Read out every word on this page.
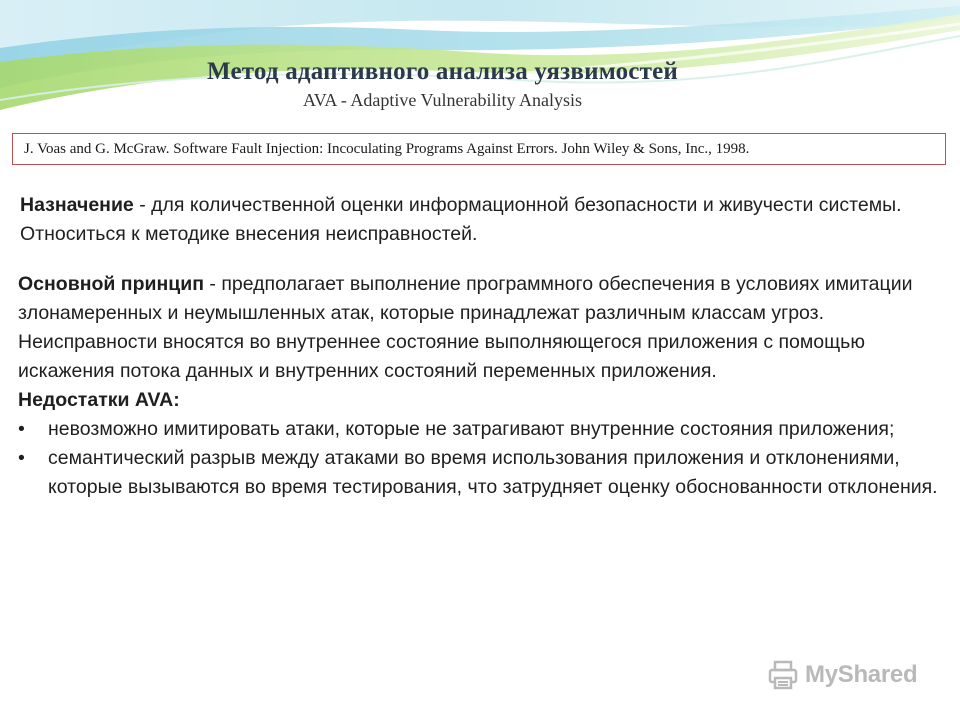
Метод адаптивного анализа уязвимостей
AVA - Adaptive Vulnerability Analysis
J. Voas and G. McGraw. Software Fault Injection: Incoculating Programs Against Errors. John Wiley & Sons, Inc., 1998.
Назначение - для количественной оценки информационной безопасности и живучести системы. Относиться к методике внесения неисправностей.
Основной принцип - предполагает выполнение программного обеспечения в условиях имитации злонамеренных и неумышленных атак, которые принадлежат различным классам угроз. Неисправности вносятся во внутреннее состояние выполняющегося приложения с помощью искажения потока данных и внутренних состояний переменных приложения.
Недостатки AVA:
• невозможно имитировать атаки, которые не затрагивают внутренние состояния приложения;
• семантический разрыв между атаками во время использования приложения и отклонениями, которые вызываются во время тестирования, что затрудняет оценку обоснованности отклонения.
MyShared
